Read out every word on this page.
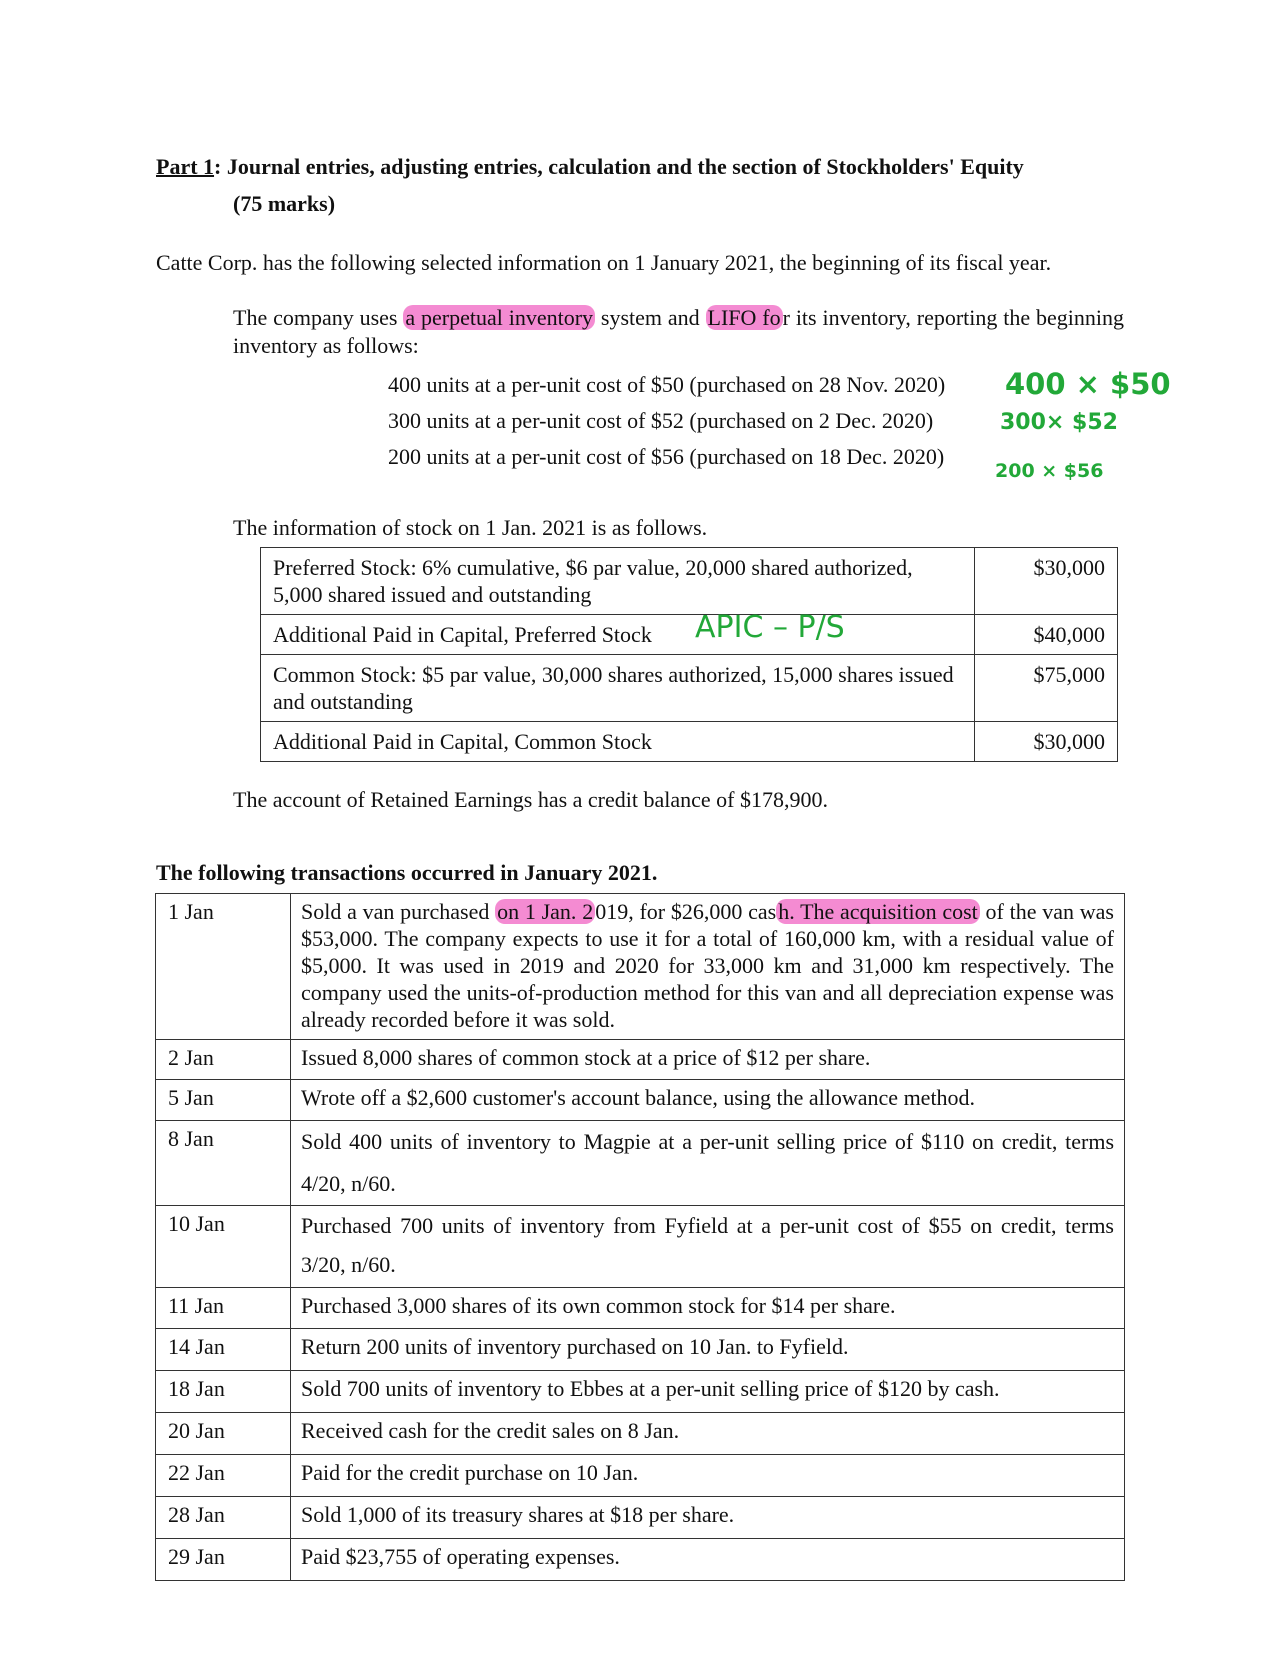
Part 1: Journal entries, adjusting entries, calculation and the section of Stockholders' Equity
(75 marks)
Catte Corp. has the following selected information on 1 January 2021, the beginning of its fiscal year.
The company uses a perpetual inventory system and LIFO for its inventory, reporting the beginning inventory as follows:
400 units at a per-unit cost of $50 (purchased on 28 Nov. 2020)
300 units at a per-unit cost of $52 (purchased on 2 Dec. 2020)
200 units at a per-unit cost of $56 (purchased on 18 Dec. 2020)
400 × $50
300× $52
200 × $56
The information of stock on 1 Jan. 2021 is as follows.
Preferred Stock: 6% cumulative, $6 par value, 20,000 shared authorized, 5,000 shared issued and outstanding	$30,000
Additional Paid in Capital, Preferred Stock	$40,000
Common Stock: $5 par value, 30,000 shares authorized, 15,000 shares issued and outstanding	$75,000
Additional Paid in Capital, Common Stock	$30,000
APIC – P/S
The account of Retained Earnings has a credit balance of $178,900.
The following transactions occurred in January 2021.
1 Jan	Sold a van purchased on 1 Jan. 2019, for $26,000 cash. The acquisition cost of the van was $53,000. The company expects to use it for a total of 160,000 km, with a residual value of $5,000. It was used in 2019 and 2020 for 33,000 km and 31,000 km respectively. The company used the units-of-production method for this van and all depreciation expense was already recorded before it was sold.
2 Jan	Issued 8,000 shares of common stock at a price of $12 per share.
5 Jan	Wrote off a $2,600 customer's account balance, using the allowance method.
8 Jan	Sold 400 units of inventory to Magpie at a per-unit selling price of $110 on credit, terms 4/20, n/60.
10 Jan	Purchased 700 units of inventory from Fyfield at a per-unit cost of $55 on credit, terms 3/20, n/60.
11 Jan	Purchased 3,000 shares of its own common stock for $14 per share.
14 Jan	Return 200 units of inventory purchased on 10 Jan. to Fyfield.
18 Jan	Sold 700 units of inventory to Ebbes at a per-unit selling price of $120 by cash.
20 Jan	Received cash for the credit sales on 8 Jan.
22 Jan	Paid for the credit purchase on 10 Jan.
28 Jan	Sold 1,000 of its treasury shares at $18 per share.
29 Jan	Paid $23,755 of operating expenses.
